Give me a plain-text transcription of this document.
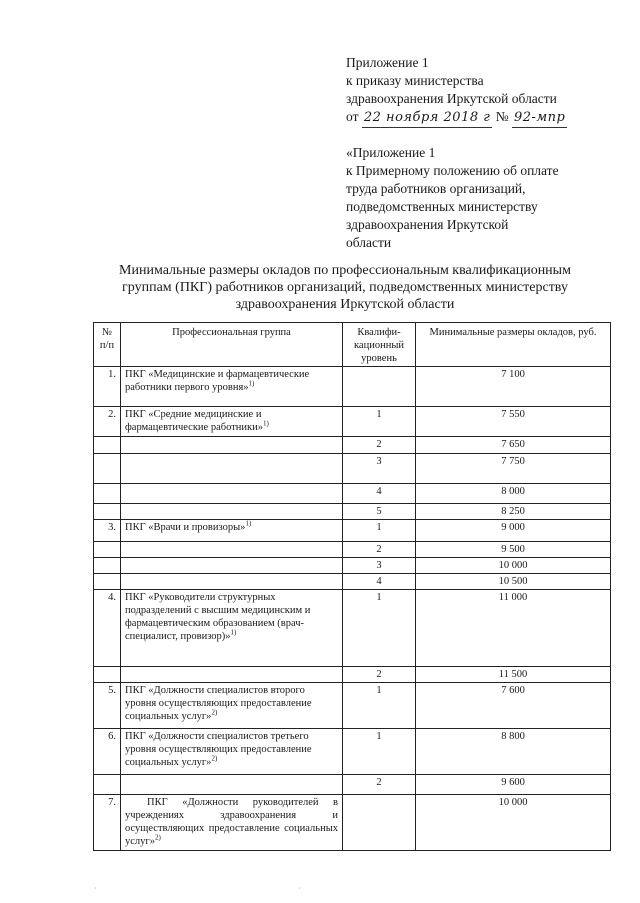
Приложение 1
к приказу министерства
здравоохранения Иркутской области
от 22 ноября 2018 г № 92-мпр
«Приложение 1
к Примерному положению об оплате
труда работников организаций,
подведомственных министерству
здравоохранения Иркутской
области
Минимальные размеры окладов по профессиональным квалификационным
группам (ПКГ) работников организаций, подведомственных министерству
здравоохранения Иркутской области
№ п/п	Профессиональная группа	Квалифи-кационный уровень	Минимальные размеры окладов, руб.
1.	ПКГ «Медицинские и фармацевтические работники первого уровня»$^{1)}$		7 100
2.	ПКГ «Средние медицинские и фармацевтические работники»$^{1)}$	1	7 550
		2	7 650
		3	7 750
		4	8 000
		5	8 250
3.	ПКГ «Врачи и провизоры»$^{1)}$	1	9 000
		2	9 500
		3	10 000
		4	10 500
4.	ПКГ «Руководители структурных подразделений с высшим медицинским и фармацевтическим образованием (врач-специалист, провизор)»$^{1)}$	1	11 000
		2	11 500
5.	ПКГ «Должности специалистов второго уровня осуществляющих предоставление социальных услуг»$^{2)}$	1	7 600
6.	ПКГ «Должности специалистов третьего уровня осуществляющих предоставление социальных услуг»$^{2)}$	1	8 800
		2	9 600
7.	ПКГ «Должности руководителей в учреждениях здравоохранения и осуществляющих предоставление социальных услуг»$^{2)}$		10 000
·	·
